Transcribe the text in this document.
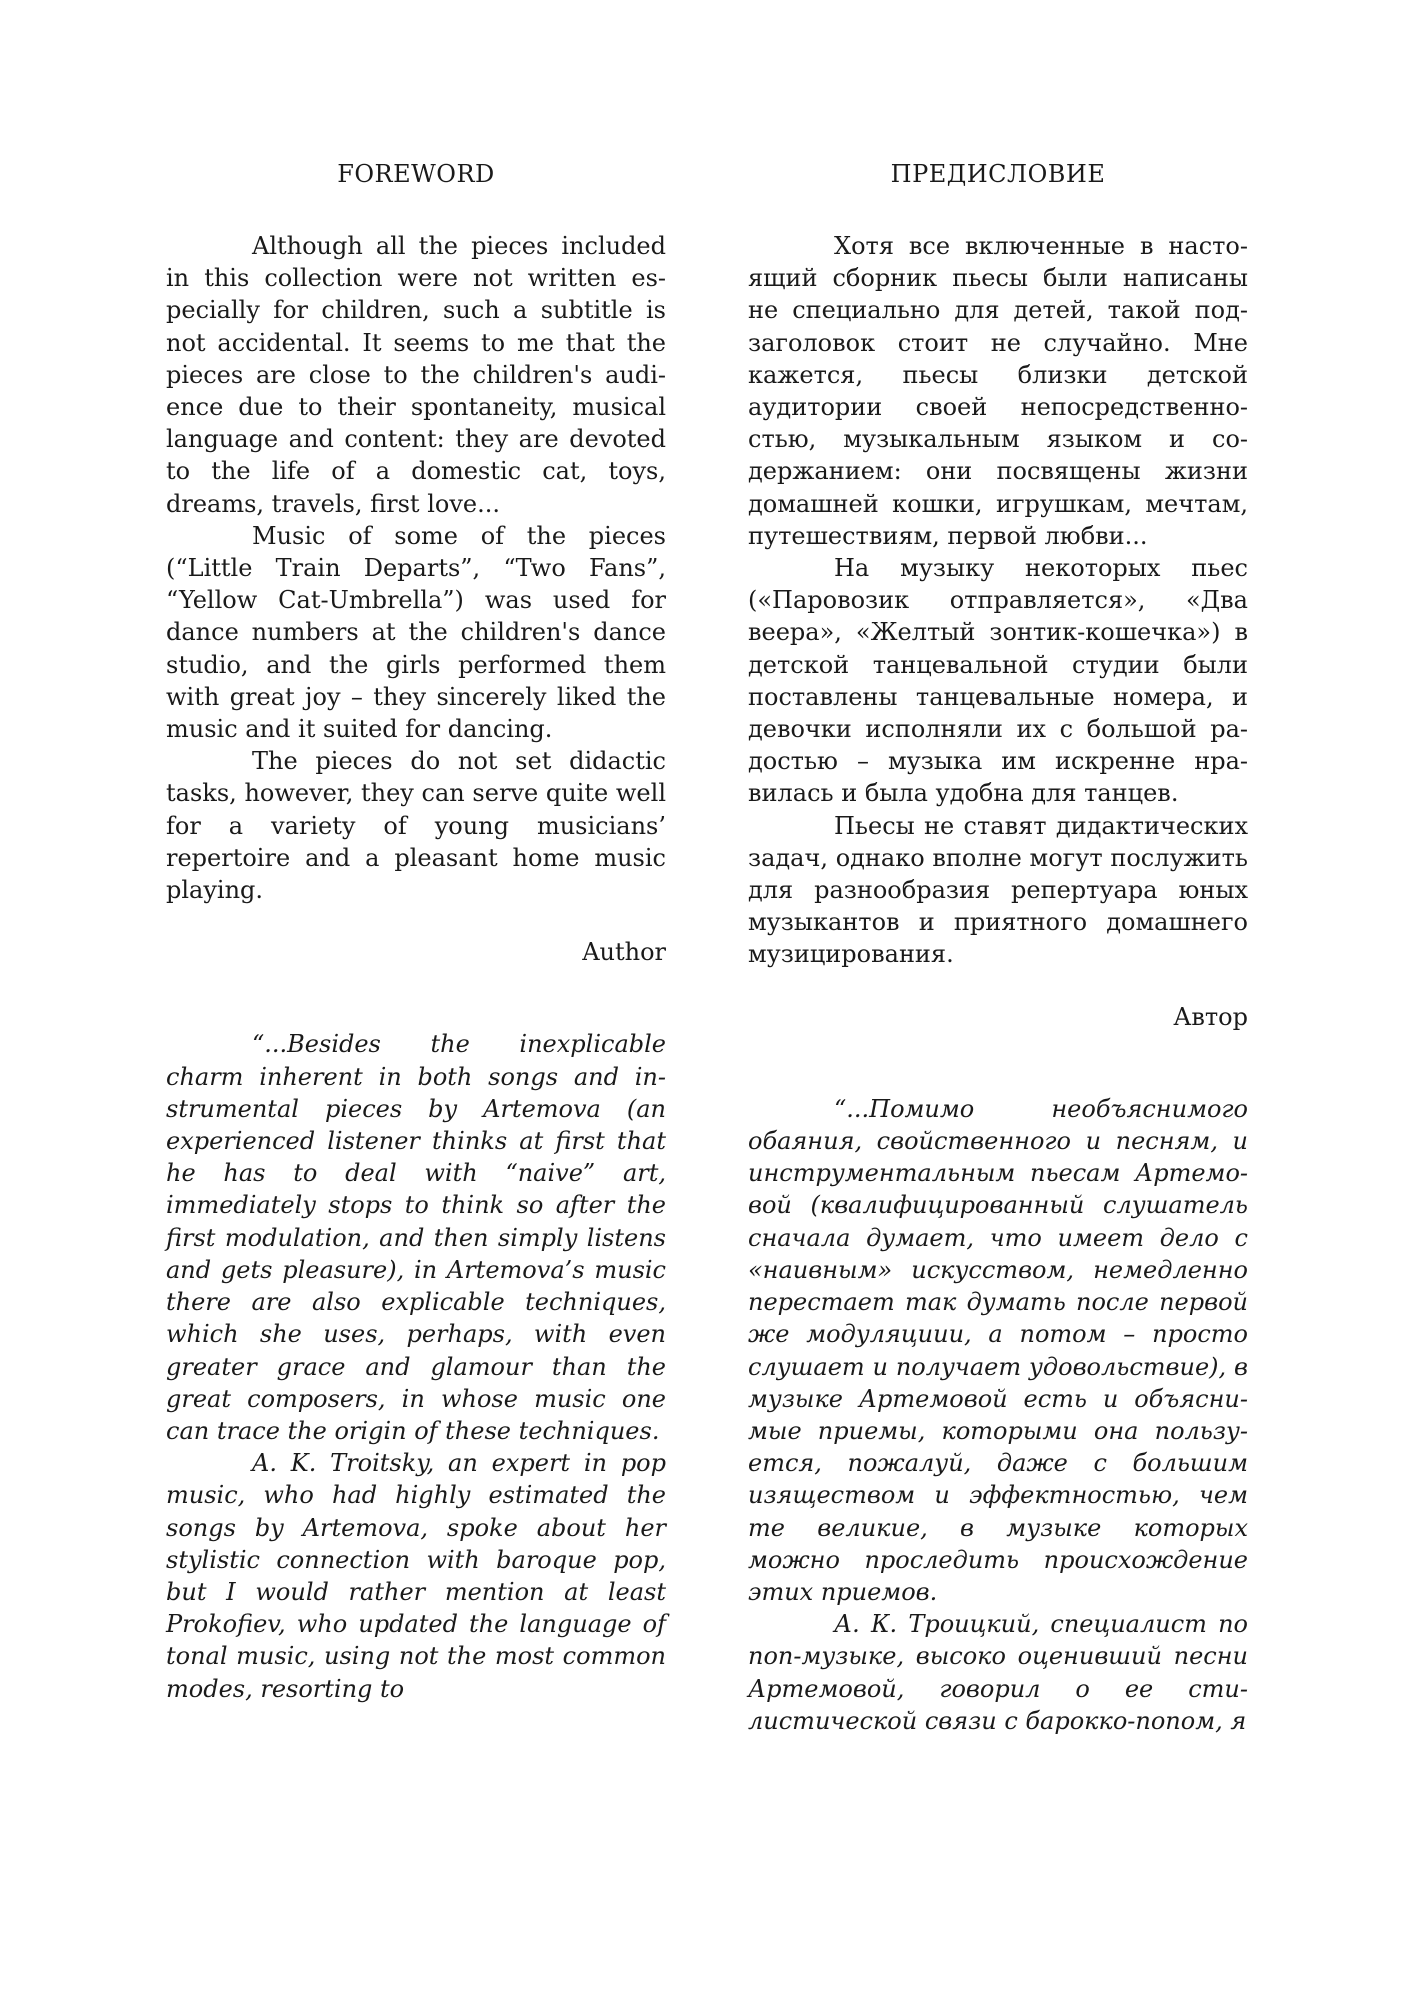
FOREWORD

Although all the pieces included in this collection were not written especially for children, such a subtitle is not accidental. It seems to me that the pieces are close to the children's audience due to their spontaneity, musical language and content: they are devoted to the life of a domestic cat, toys, dreams, travels, first love...

Music of some of the pieces (“Little Train Departs”, “Two Fans”, “Yellow Cat-Umbrella”) was used for dance numbers at the children's dance studio, and the girls performed them with great joy – they sincerely liked the music and it suited for dancing.

The pieces do not set didactic tasks, however, they can serve quite well for a variety of young musicians’ repertoire and a pleasant home music playing.

Author

“...Besides the inexplicable charm inherent in both songs and instrumental pieces by Artemova (an experienced listener thinks at first that he has to deal with “naive” art, immediately stops to think so after the first modulation, and then simply listens and gets pleasure), in Artemova’s music there are also explicable techniques, which she uses, perhaps, with even greater grace and glamour than the great composers, in whose music one can trace the origin of these techniques.

A. K. Troitsky, an expert in pop music, who had highly estimated the songs by Artemova, spoke about her stylistic connection with baroque pop, but I would rather mention at least Prokofiev, who updated the language of tonal music, using not the most common modes, resorting to

ПРЕДИСЛОВИЕ

Хотя все включенные в настоящий сборник пьесы были написаны не специально для детей, такой подзаголовок стоит не случайно. Мне кажется, пьесы близки детской аудитории своей непосредственностью, музыкальным языком и содержанием: они посвящены жизни домашней кошки, игрушкам, мечтам, путешествиям, первой любви...

На музыку некоторых пьес («Паровозик отправляется», «Два веера», «Желтый зонтик-кошечка») в детской танцевальной студии были поставлены танцевальные номера, и девочки исполняли их с большой радостью – музыка им искренне нравилась и была удобна для танцев.

Пьесы не ставят дидактических задач, однако вполне могут послужить для разнообразия репертуара юных музыкантов и приятного домашнего музицирования.

Автор

“...Помимо необъяснимого обаяния, свойственного и песням, и инструментальным пьесам Артемовой (квалифицированный слушатель сначала думает, что имеет дело с «наивным» искусством, немедленно перестает так думать после первой же модуляциии, а потом – просто слушает и получает удовольствие), в музыке Артемовой есть и объяснимые приемы, которыми она пользуется, пожалуй, даже с большим изяществом и эффектностью, чем те великие, в музыке которых можно проследить происхождение этих приемов.

А. К. Троицкий, специалист по поп-музыке, высоко оценивший песни Артемовой, говорил о ее стилистической связи с барокко-попом, я
